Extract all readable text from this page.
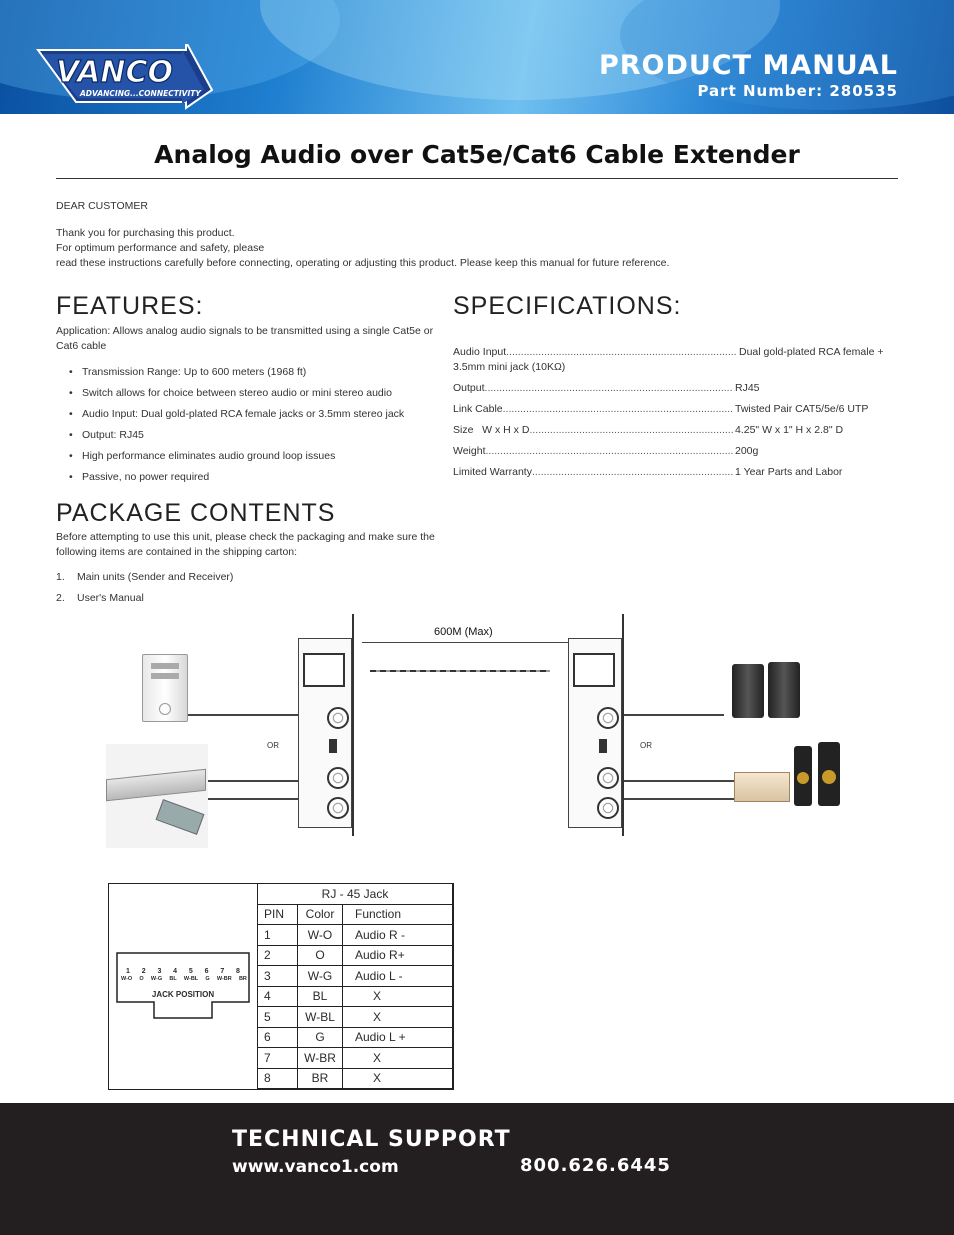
VANCO
ADVANCING...CONNECTIVITY
PRODUCT MANUAL
Part Number: 280535
Analog Audio over Cat5e/Cat6 Cable Extender

DEAR CUSTOMER

Thank you for purchasing this product.
For optimum performance and safety, please
read these instructions carefully before connecting, operating or adjusting this product. Please keep this manual for future reference.
FEATURES:
Application: Allows analog audio signals to be transmitted using a single Cat5e or Cat6 cable
• Transmission Range: Up to 600 meters (1968 ft)
• Switch allows for choice between stereo audio or mini stereo audio
• Audio Input: Dual gold-plated RCA female jacks or 3.5mm stereo jack
• Output: RJ45
• High performance eliminates audio ground loop issues
• Passive, no power required
SPECIFICATIONS:
Audio Input .....	Dual gold-plated RCA female +
3.5mm mini jack (10KΩ)
Output .....	RJ45
Link Cable .....	Twisted Pair CAT5/5e/6 UTP
Size   W x H x D .....	4.25" W x 1" H x 2.8" D
Weight .....	200g
Limited Warranty .....	1 Year Parts and Labor
PACKAGE CONTENTS
Before attempting to use this unit, please check the packaging and make sure the following items are contained in the shipping carton:
1.	Main units (Sender and Receiver)
2.	User's Manual
OR
600M (Max)
OR
1 2 3 4 5 6 7 8
W-O O W-G BL W-BL G W-BR BR
JACK POSITION
RJ - 45 Jack		
PIN	Color	Function
1	W-O	Audio R -
2	O	Audio R+
3	W-G	Audio L -
4	BL	X
5	W-BL	X
6	G	Audio L +
7	W-BR	X
8	BR	X
TECHNICAL SUPPORT
www.vanco1.com	800.626.6445
